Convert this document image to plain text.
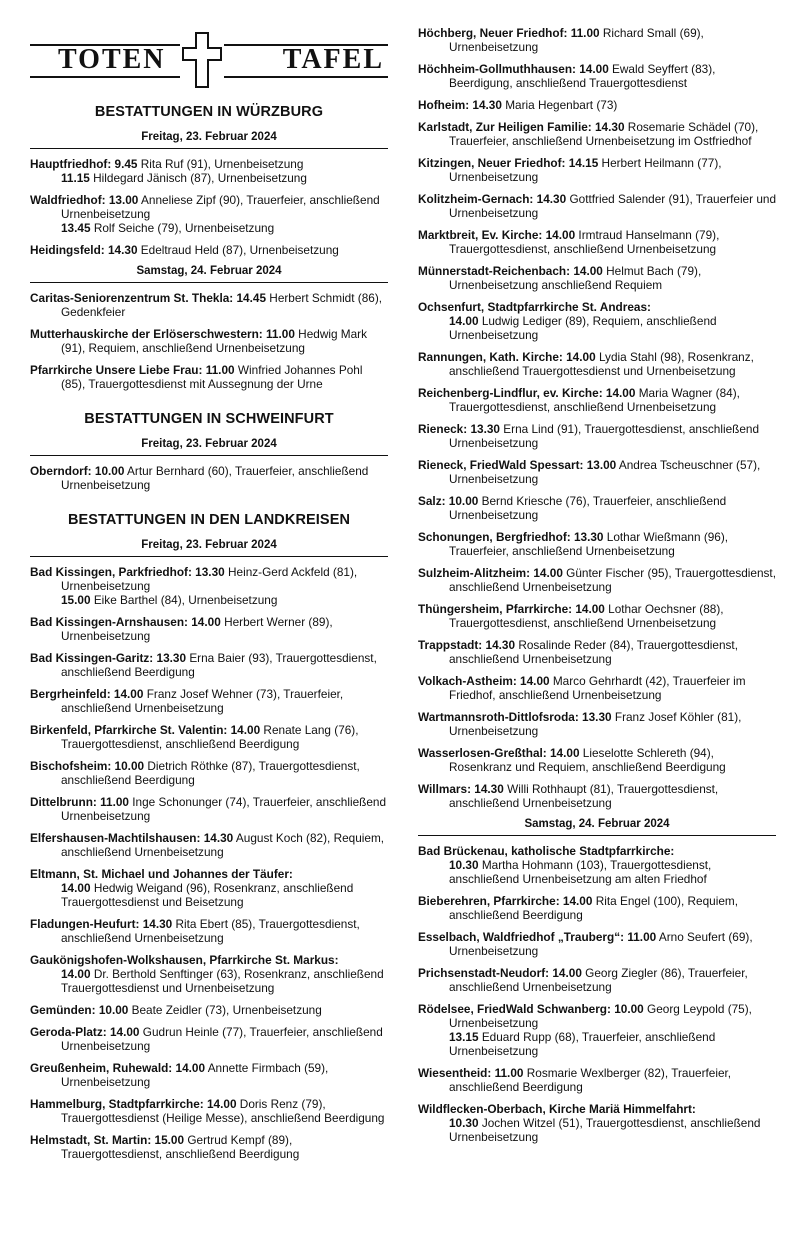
TOTEN	TAFEL
BESTATTUNGEN IN WÜRZBURG
Freitag, 23. Februar 2024
Hauptfriedhof: 9.45 Rita Ruf (91), Urnenbeisetzung
11.15 Hildegard Jänisch (87), Urnenbeisetzung
Waldfriedhof: 13.00 Anneliese Zipf (90), Trauerfeier, anschließend
Urnenbeisetzung
13.45 Rolf Seiche (79), Urnenbeisetzung
Heidingsfeld: 14.30 Edeltraud Held (87), Urnenbeisetzung
Samstag, 24. Februar 2024
Caritas-Seniorenzentrum St. Thekla: 14.45 Herbert Schmidt (86),
Gedenkfeier
Mutterhauskirche der Erlöserschwestern: 11.00 Hedwig Mark
(91), Requiem, anschließend Urnenbeisetzung
Pfarrkirche Unsere Liebe Frau: 11.00 Winfried Johannes Pohl
(85), Trauergottesdienst mit Aussegnung der Urne
BESTATTUNGEN IN SCHWEINFURT
Freitag, 23. Februar 2024
Oberndorf: 10.00 Artur Bernhard (60), Trauerfeier, anschließend
Urnenbeisetzung
BESTATTUNGEN IN DEN LANDKREISEN
Freitag, 23. Februar 2024
Bad Kissingen, Parkfriedhof: 13.30 Heinz-Gerd Ackfeld (81),
Urnenbeisetzung
15.00 Eike Barthel (84), Urnenbeisetzung
Bad Kissingen-Arnshausen: 14.00 Herbert Werner (89),
Urnenbeisetzung
Bad Kissingen-Garitz: 13.30 Erna Baier (93), Trauergottesdienst,
anschließend Beerdigung
Bergrheinfeld: 14.00 Franz Josef Wehner (73), Trauerfeier,
anschließend Urnenbeisetzung
Birkenfeld, Pfarrkirche St. Valentin: 14.00 Renate Lang (76),
Trauergottesdienst, anschließend Beerdigung
Bischofsheim: 10.00 Dietrich Röthke (87), Trauergottesdienst,
anschließend Beerdigung
Dittelbrunn: 11.00 Inge Schonunger (74), Trauerfeier, anschließend
Urnenbeisetzung
Elfershausen-Machtilshausen: 14.30 August Koch (82), Requiem,
anschließend Urnenbeisetzung
Eltmann, St. Michael und Johannes der Täufer:
14.00 Hedwig Weigand (96), Rosenkranz, anschließend
Trauergottesdienst und Beisetzung
Fladungen-Heufurt: 14.30 Rita Ebert (85), Trauergottesdienst,
anschließend Urnenbeisetzung
Gaukönigshofen-Wolkshausen, Pfarrkirche St. Markus:
14.00 Dr. Berthold Senftinger (63), Rosenkranz, anschließend
Trauergottesdienst und Urnenbeisetzung
Gemünden: 10.00 Beate Zeidler (73), Urnenbeisetzung
Geroda-Platz: 14.00 Gudrun Heinle (77), Trauerfeier, anschließend
Urnenbeisetzung
Greußenheim, Ruhewald: 14.00 Annette Firmbach (59),
Urnenbeisetzung
Hammelburg, Stadtpfarrkirche: 14.00 Doris Renz (79),
Trauergottesdienst (Heilige Messe), anschließend Beerdigung
Helmstadt, St. Martin: 15.00 Gertrud Kempf (89),
Trauergottesdienst, anschließend Beerdigung
Höchberg, Neuer Friedhof: 11.00 Richard Small (69),
Urnenbeisetzung
Höchheim-Gollmuthhausen: 14.00 Ewald Seyffert (83),
Beerdigung, anschließend Trauergottesdienst
Hofheim: 14.30 Maria Hegenbart (73)
Karlstadt, Zur Heiligen Familie: 14.30 Rosemarie Schädel (70),
Trauerfeier, anschließend Urnenbeisetzung im Ostfriedhof
Kitzingen, Neuer Friedhof: 14.15 Herbert Heilmann (77),
Urnenbeisetzung
Kolitzheim-Gernach: 14.30 Gottfried Salender (91), Trauerfeier und
Urnenbeisetzung
Marktbreit, Ev. Kirche: 14.00 Irmtraud Hanselmann (79),
Trauergottesdienst, anschließend Urnenbeisetzung
Münnerstadt-Reichenbach: 14.00 Helmut Bach (79),
Urnenbeisetzung anschließend Requiem
Ochsenfurt, Stadtpfarrkirche St. Andreas:
14.00 Ludwig Lediger (89), Requiem, anschließend
Urnenbeisetzung
Rannungen, Kath. Kirche: 14.00 Lydia Stahl (98), Rosenkranz,
anschließend Trauergottesdienst und Urnenbeisetzung
Reichenberg-Lindflur, ev. Kirche: 14.00 Maria Wagner (84),
Trauergottesdienst, anschließend Urnenbeisetzung
Rieneck: 13.30 Erna Lind (91), Trauergottesdienst, anschließend
Urnenbeisetzung
Rieneck, FriedWald Spessart: 13.00 Andrea Tscheuschner (57),
Urnenbeisetzung
Salz: 10.00 Bernd Kriesche (76), Trauerfeier, anschließend
Urnenbeisetzung
Schonungen, Bergfriedhof: 13.30 Lothar Wießmann (96),
Trauerfeier, anschließend Urnenbeisetzung
Sulzheim-Alitzheim: 14.00 Günter Fischer (95), Trauergottesdienst,
anschließend Urnenbeisetzung
Thüngersheim, Pfarrkirche: 14.00 Lothar Oechsner (88),
Trauergottesdienst, anschließend Urnenbeisetzung
Trappstadt: 14.30 Rosalinde Reder (84), Trauergottesdienst,
anschließend Urnenbeisetzung
Volkach-Astheim: 14.00 Marco Gehrhardt (42), Trauerfeier im
Friedhof, anschließend Urnenbeisetzung
Wartmannsroth-Dittlofsroda: 13.30 Franz Josef Köhler (81),
Urnenbeisetzung
Wasserlosen-Greßthal: 14.00 Lieselotte Schlereth (94),
Rosenkranz und Requiem, anschließend Beerdigung
Willmars: 14.30 Willi Rothhaupt (81), Trauergottesdienst,
anschließend Urnenbeisetzung
Samstag, 24. Februar 2024
Bad Brückenau, katholische Stadtpfarrkirche:
10.30 Martha Hohmann (103), Trauergottesdienst,
anschließend Urnenbeisetzung am alten Friedhof
Bieberehren, Pfarrkirche: 14.00 Rita Engel (100), Requiem,
anschließend Beerdigung
Esselbach, Waldfriedhof „Trauberg“: 11.00 Arno Seufert (69),
Urnenbeisetzung
Prichsenstadt-Neudorf: 14.00 Georg Ziegler (86), Trauerfeier,
anschließend Urnenbeisetzung
Rödelsee, FriedWald Schwanberg: 10.00 Georg Leypold (75),
Urnenbeisetzung
13.15 Eduard Rupp (68), Trauerfeier, anschließend
Urnenbeisetzung
Wiesentheid: 11.00 Rosmarie Wexlberger (82), Trauerfeier,
anschließend Beerdigung
Wildflecken-Oberbach, Kirche Mariä Himmelfahrt:
10.30 Jochen Witzel (51), Trauergottesdienst, anschließend
Urnenbeisetzung
